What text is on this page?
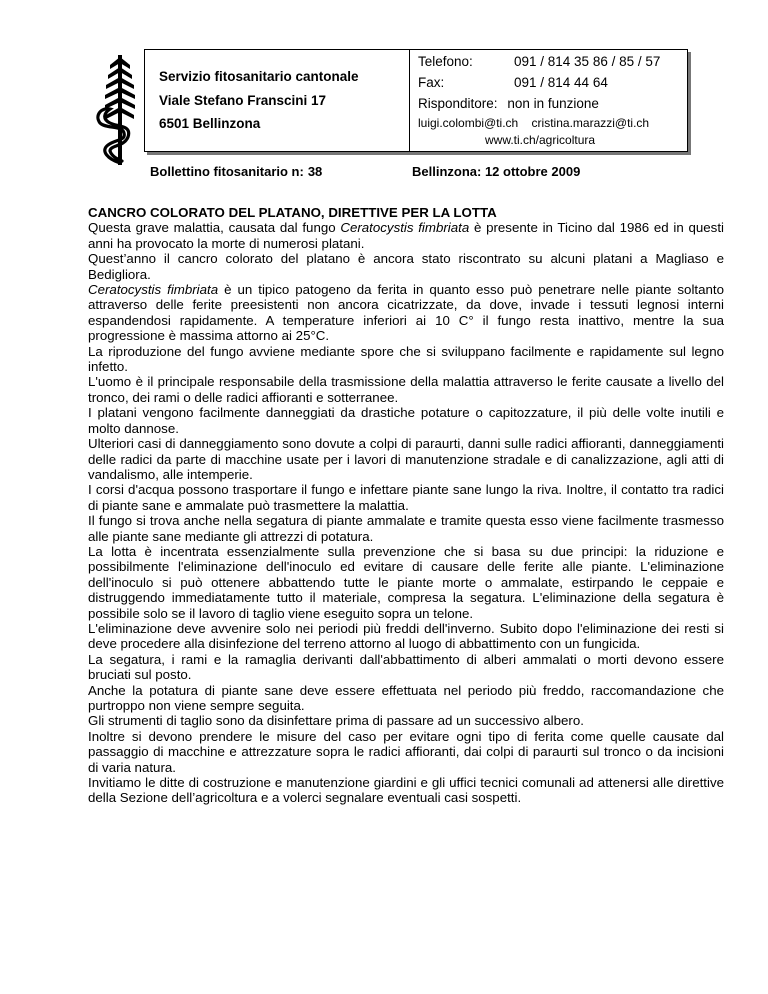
Servizio fitosanitario cantonale
Viale Stefano Franscini 17
6501 Bellinzona
Telefono:	091 / 814 35 86 / 85 / 57
Fax:	091 / 814 44 64
Risponditore: non in funzione
luigi.colombi@ti.ch    cristina.marazzi@ti.ch
www.ti.ch/agricoltura
Bollettino fitosanitario n: 38	Bellinzona: 12 ottobre 2009
CANCRO COLORATO DEL PLATANO, DIRETTIVE PER LA LOTTA

Questa grave malattia, causata dal fungo Ceratocystis fimbriata è presente in Ticino dal 1986 ed in questi anni ha provocato la morte di numerosi platani.

Quest’anno il cancro colorato del platano è ancora stato riscontrato su alcuni platani a Magliaso e Bedigliora.

Ceratocystis fimbriata è un tipico patogeno da ferita in quanto esso può penetrare nelle piante soltanto attraverso delle ferite preesistenti non ancora cicatrizzate, da dove, invade i tessuti legnosi interni espandendosi rapidamente. A temperature inferiori ai 10 C° il fungo resta inattivo, mentre la sua progressione è massima attorno ai 25°C.

La riproduzione del fungo avviene mediante spore che si sviluppano facilmente e rapidamente sul legno infetto.

L'uomo è il principale responsabile della trasmissione della malattia attraverso le ferite causate a livello del tronco, dei rami o delle radici affioranti e sotterranee.

I platani vengono facilmente danneggiati da drastiche potature o capitozzature, il più delle volte inutili e molto dannose.

Ulteriori casi di danneggiamento sono dovute a colpi di paraurti, danni sulle radici affioranti, danneggiamenti delle radici da parte di macchine usate per i lavori di manutenzione stradale e di canalizzazione, agli atti di vandalismo, alle intemperie.

I corsi d'acqua possono trasportare il fungo e infettare piante sane lungo la riva. Inoltre, il contatto tra radici di piante sane e ammalate può trasmettere la malattia.

Il fungo si trova anche nella segatura di piante ammalate e tramite questa esso viene facilmente trasmesso alle piante sane mediante gli attrezzi di potatura.

La lotta è incentrata essenzialmente sulla prevenzione che si basa su due principi: la riduzione e possibilmente l'eliminazione dell'inoculo ed evitare di causare delle ferite alle piante. L'eliminazione dell'inoculo si può ottenere abbattendo tutte le piante morte o ammalate, estirpando le ceppaie e distruggendo immediatamente tutto il materiale, compresa la segatura. L'eliminazione della segatura è possibile solo se il lavoro di taglio viene eseguito sopra un telone.

L'eliminazione deve avvenire solo nei periodi più freddi dell'inverno. Subito dopo l'eliminazione dei resti si deve procedere alla disinfezione del terreno attorno al luogo di abbattimento con un fungicida.

La segatura, i rami e la ramaglia derivanti dall'abbattimento di alberi ammalati o morti devono essere bruciati sul posto.

Anche la potatura di piante sane deve essere effettuata nel periodo più freddo, raccomandazione che purtroppo non viene sempre seguita.

Gli strumenti di taglio sono da disinfettare prima di passare ad un successivo albero.

Inoltre si devono prendere le misure del caso per evitare ogni tipo di ferita come quelle causate dal passaggio di macchine e attrezzature sopra le radici affioranti, dai colpi di paraurti sul tronco o da incisioni di varia natura.

Invitiamo le ditte di costruzione e manutenzione giardini e gli uffici tecnici comunali ad attenersi alle direttive della Sezione dell’agricoltura e a volerci segnalare eventuali casi sospetti.
